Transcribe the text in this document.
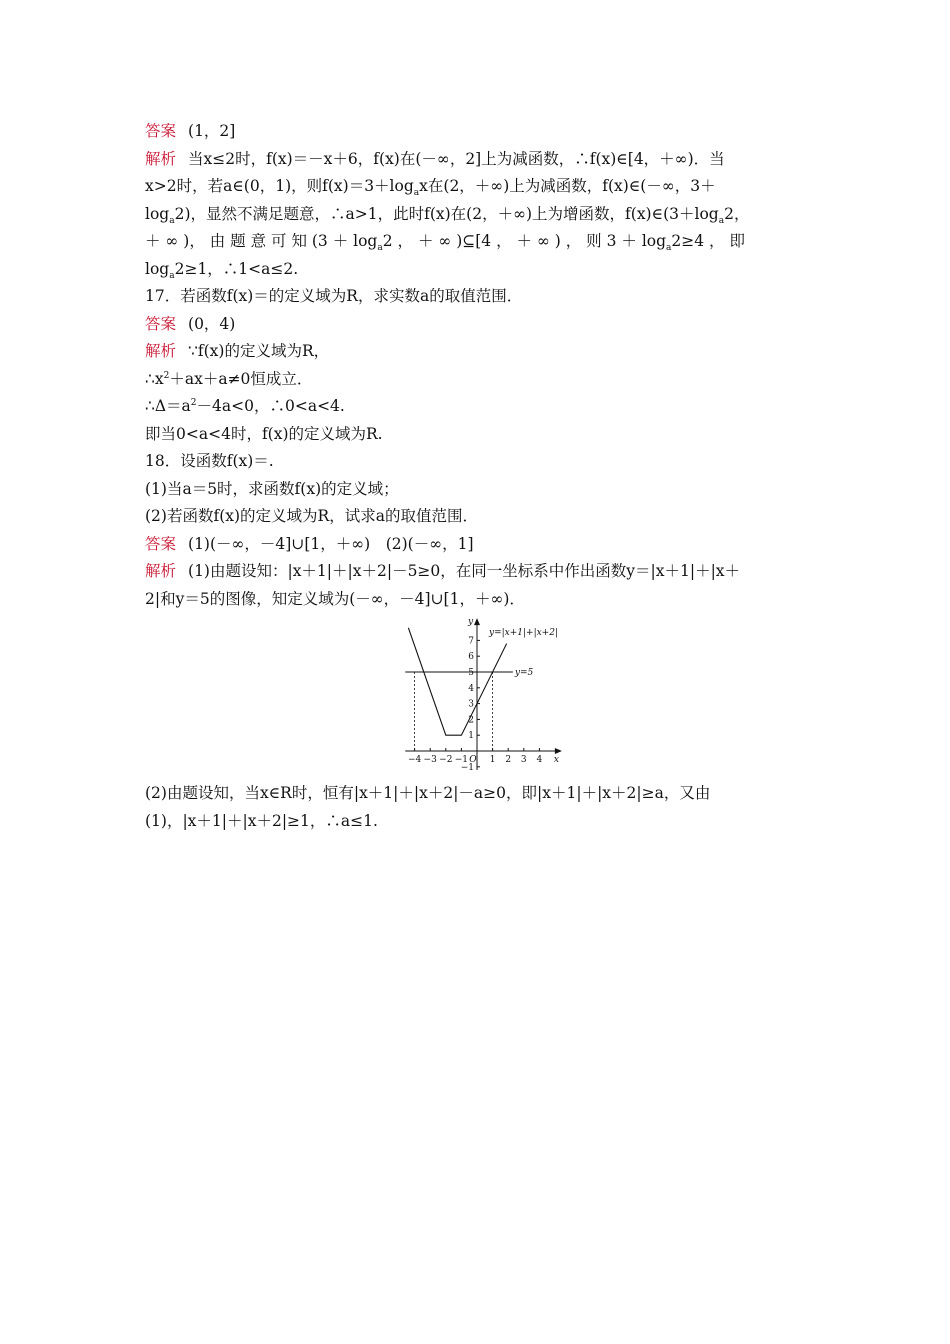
答案 (1，2]
解析 当x≤2时，f(x)＝－x＋6，f(x)在(－∞，2]上为减函数，∴f(x)∈[4，＋∞)．当
x>2时，若a∈(0，1)，则$f(x)=3+\log_ax$在(2，＋∞)上为减函数，f(x)∈(－∞，3＋
$\log_a2$)，显然不满足题意，∴a>1，此时f(x)在(2，＋∞)上为增函数，$f(x)\in(3+\log_a2$，
＋ ∞ )， 由 题 意 可 知 ($3 + \log_a2$ ， ＋ ∞ )⊆[4 ， ＋ ∞ ) ， 则 $3 + \log_a2\ge 4$ ， 即
$\log_a2\ge 1$，∴1<a≤2.
17．若函数f(x)＝的定义域为R，求实数a的取值范围．
答案 (0，4)
解析 ∵f(x)的定义域为R，
$\therefore x^2+ax+a\ne 0$恒成立．
$\therefore\Delta=a^2-4a<0$，∴0<a<4.
即当0<a<4时，f(x)的定义域为R.
18．设函数f(x)＝.
(1)当a＝5时，求函数f(x)的定义域；
(2)若函数f(x)的定义域为R，试求a的取值范围．
答案 (1)(－∞，－4]∪[1，＋∞)　(2)(－∞，1]
解析 (1)由题设知：|x＋1|＋|x＋2|－5≥0，在同一坐标系中作出函数y＝|x＋1|＋|x＋
2|和y＝5的图像，知定义域为(－∞，－4]∪[1，＋∞)．
−4 −3 −2 −1 O 1 2 3 4
1
2
3
4
5
6
7
−1
x
y
y=|x+1|+|x+2|
y=5
(2)由题设知，当x∈R时，恒有|x＋1|＋|x＋2|－a≥0，即|x＋1|＋|x＋2|≥a，又由
(1)，|x＋1|＋|x＋2|≥1，∴a≤1.
